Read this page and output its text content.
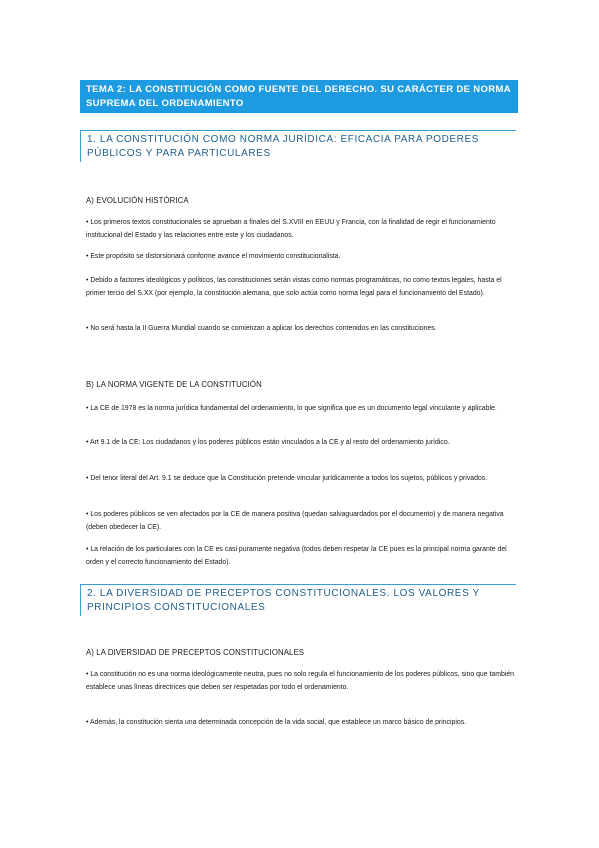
TEMA 2: LA CONSTITUCIÓN COMO FUENTE DEL DERECHO. SU CARÁCTER DE NORMA SUPREMA DEL ORDENAMIENTO
1. LA CONSTITUCIÓN COMO NORMA JURÍDICA: EFICACIA PARA PODERES PÚBLICOS Y PARA PARTICULARES
A) EVOLUCIÓN HISTÓRICA
• Los primeros textos constitucionales se aprueban a finales del S.XVIII en EEUU y Francia, con la finalidad de regir el funcionamiento institucional del Estado y las relaciones entre este y los ciudadanos.
• Este propósito se distorsionará conforme avance el movimiento constitucionalista.
• Debido a factores ideológicos y políticos, las constituciones serán vistas como normas programáticas, no como textos legales, hasta el primer tercio del S.XX (por ejemplo, la constitución alemana, que solo actúa como norma legal para el funcionamiento del Estado).
• No será hasta la II Guerra Mundial cuando se comienzan a aplicar los derechos contenidos en las constituciones.
B) LA NORMA VIGENTE DE LA CONSTITUCIÓN
• La CE de 1978 es la norma jurídica fundamental del ordenamiento, lo que significa que es un documento legal vinculante y aplicable.
• Art 9.1 de la CE: Los ciudadanos y los poderes públicos están vinculados a la CE y al resto del ordenamiento jurídico.
• Del tenor literal del Art. 9.1 se deduce que la Constitución pretende vincular jurídicamente a todos los sujetos, públicos y privados.
• Los poderes públicos se ven afectados por la CE de manera positiva (quedan salvaguardados por el documento) y de manera negativa (deben obedecer la CE).
• La relación de los particulares con la CE es casi puramente negativa (todos deben respetar la CE pues es la principal norma garante del orden y el correcto funcionamiento del Estado).
2. LA DIVERSIDAD DE PRECEPTOS CONSTITUCIONALES. LOS VALORES Y PRINCIPIOS CONSTITUCIONALES
A) LA DIVERSIDAD DE PRECEPTOS CONSTITUCIONALES
• La constitución no es una norma ideológicamente neutra, pues no solo regula el funcionamiento de los poderes públicos, sino que también establece unas líneas directrices que deben ser respetadas por todo el ordenamiento.
• Además, la constitución sienta una determinada concepción de la vida social, que establece un marco básico de principios.
